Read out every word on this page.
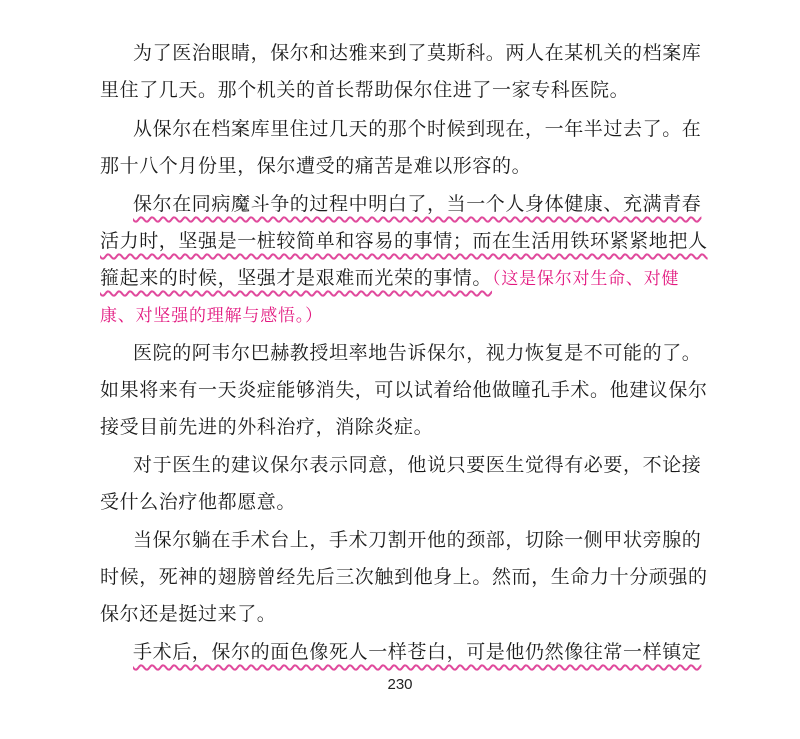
为了医治眼睛，保尔和达雅来到了莫斯科。两人在某机关的档案库
里住了几天。那个机关的首长帮助保尔住进了一家专科医院。
从保尔在档案库里住过几天的那个时候到现在，一年半过去了。在
那十八个月份里，保尔遭受的痛苦是难以形容的。
保尔在同病魔斗争的过程中明白了，当一个人身体健康、充满青春
活力时，坚强是一桩较简单和容易的事情；而在生活用铁环紧紧地把人
箍起来的时候，坚强才是艰难而光荣的事情。（这是保尔对生命、对健
康、对坚强的理解与感悟。）
医院的阿韦尔巴赫教授坦率地告诉保尔，视力恢复是不可能的了。
如果将来有一天炎症能够消失，可以试着给他做瞳孔手术。他建议保尔
接受目前先进的外科治疗，消除炎症。
对于医生的建议保尔表示同意，他说只要医生觉得有必要，不论接
受什么治疗他都愿意。
当保尔躺在手术台上，手术刀割开他的颈部，切除一侧甲状旁腺的
时候，死神的翅膀曾经先后三次触到他身上。然而，生命力十分顽强的
保尔还是挺过来了。
手术后，保尔的面色像死人一样苍白，可是他仍然像往常一样镇定
230
